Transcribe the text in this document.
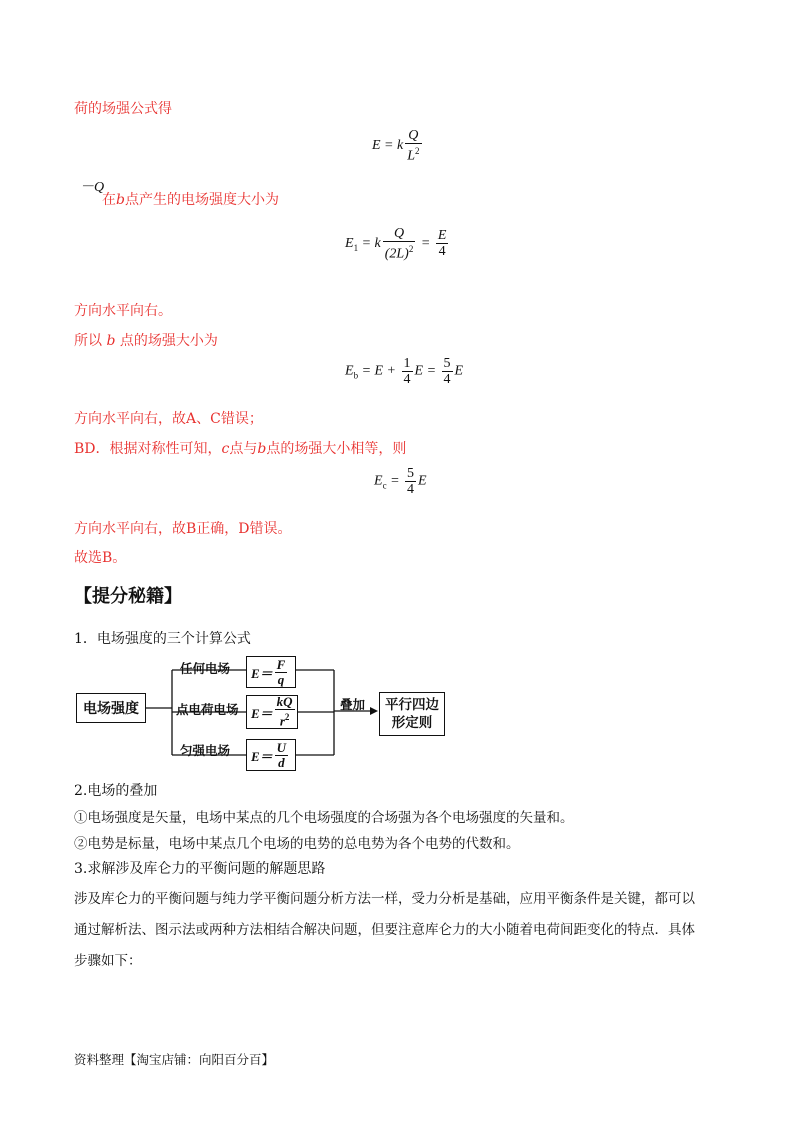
荷的场强公式得
E = k $\frac{Q}{L^2}$
－Q
在b点产生的电场强度大小为
$E_1 = k \frac{Q}{(2L)^2} = \frac{E}{4}$
方向水平向右。
所以 b 点的场强大小为
$E_b = E + \frac{1}{4}$ $E = \frac{5}{4}$ E
方向水平向右，故A、C错误；
BD．根据对称性可知，c点与b点的场强大小相等，则
$E_c = \frac{5}{4}$ E
方向水平向右，故B正确，D错误。
故选B。
【提分秘籍】
1．电场强度的三个计算公式
电场强度
任何电场
点电荷电场
匀强电场
$E= \frac{F}{q}$
$E= \frac{kQ}{r^2}$
$E= \frac{U}{d}$
叠加 平行四边
形定则
2.电场的叠加
①电场强度是矢量，电场中某点的几个电场强度的合场强为各个电场强度的矢量和。
②电势是标量，电场中某点几个电场的电势的总电势为各个电势的代数和。
3.求解涉及库仑力的平衡问题的解题思路
涉及库仑力的平衡问题与纯力学平衡问题分析方法一样，受力分析是基础，应用平衡条件是关键，都可以
通过解析法、图示法或两种方法相结合解决问题，但要注意库仑力的大小随着电荷间距变化的特点．具体
步骤如下：
资料整理【淘宝店铺：向阳百分百】
